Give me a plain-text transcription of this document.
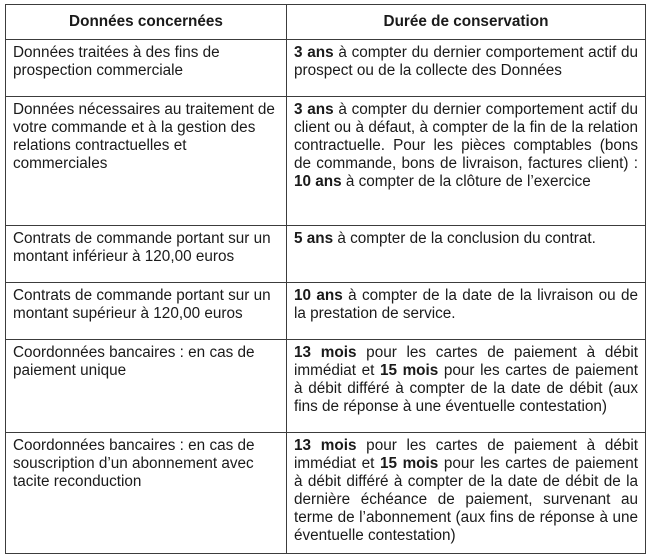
Données concernées	Durée de conservation
Données traitées à des fins de prospection commerciale	3 ans à compter du dernier comportement actif du prospect ou de la collecte des Données
Données nécessaires au traitement de votre commande et à la gestion des relations contractuelles et commerciales	3 ans à compter du dernier comportement actif du client ou à défaut, à compter de la fin de la relation contractuelle. Pour les pièces comptables (bons de commande, bons de livraison, factures client) : 10 ans à compter de la clôture de l’exercice
Contrats de commande portant sur un montant inférieur à 120,00 euros	5 ans à compter de la conclusion du contrat.
Contrats de commande portant sur un montant supérieur à 120,00 euros	10 ans à compter de la date de la livraison ou de la prestation de service.
Coordonnées bancaires : en cas de paiement unique	13 mois pour les cartes de paiement à débit immédiat et 15 mois pour les cartes de paiement à débit différé à compter de la date de débit (aux fins de réponse à une éventuelle contestation)
Coordonnées bancaires : en cas de souscription d’un abonnement avec tacite reconduction	13 mois pour les cartes de paiement à débit immédiat et 15 mois pour les cartes de paiement à débit différé à compter de la date de débit de la dernière échéance de paiement, survenant au terme de l’abonnement (aux fins de réponse à une éventuelle contestation)
